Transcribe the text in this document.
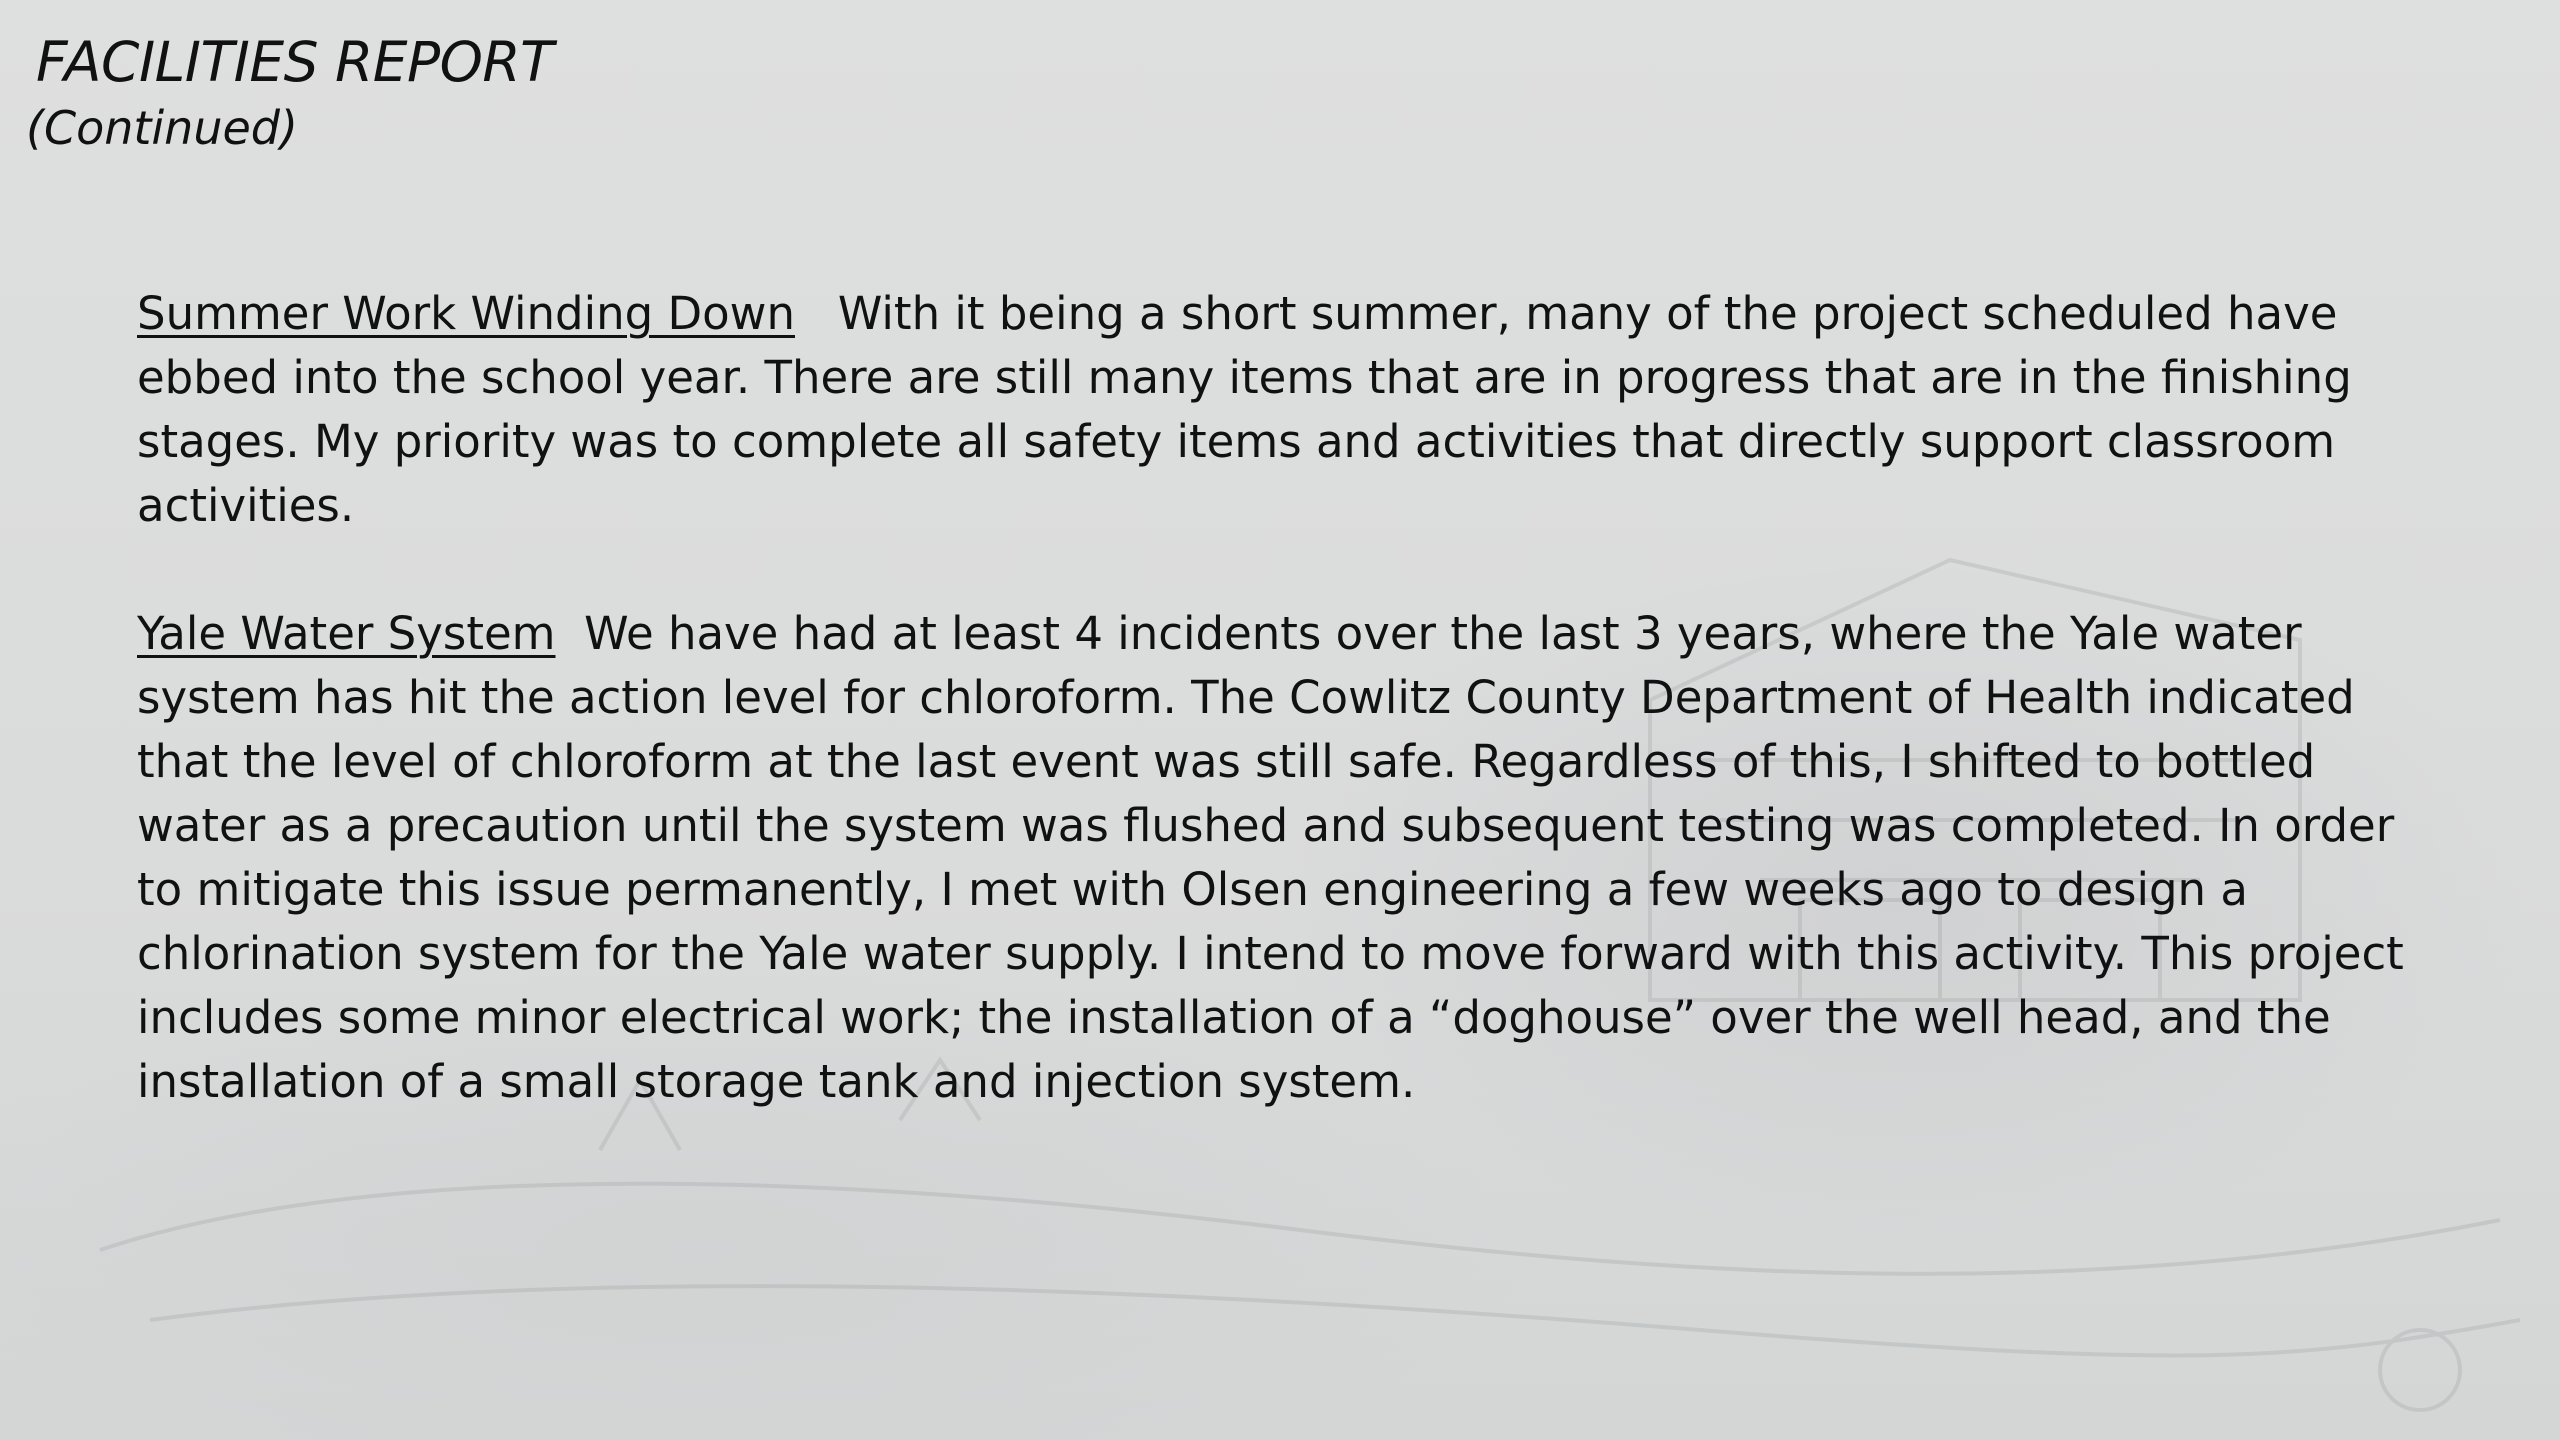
FACILITIES REPORT
(Continued)

Summer Work Winding Down With it being a short summer, many of the project scheduled have ebbed into the school year. There are still many items that are in progress that are in the finishing stages. My priority was to complete all safety items and activities that directly support classroom activities.

Yale Water System We have had at least 4 incidents over the last 3 years, where the Yale water system has hit the action level for chloroform. The Cowlitz County Department of Health indicated that the level of chloroform at the last event was still safe. Regardless of this, I shifted to bottled water as a precaution until the system was flushed and subsequent testing was completed. In order to mitigate this issue permanently, I met with Olsen engineering a few weeks ago to design a chlorination system for the Yale water supply. I intend to move forward with this activity. This project includes some minor electrical work; the installation of a “doghouse” over the well head, and the installation of a small storage tank and injection system.
